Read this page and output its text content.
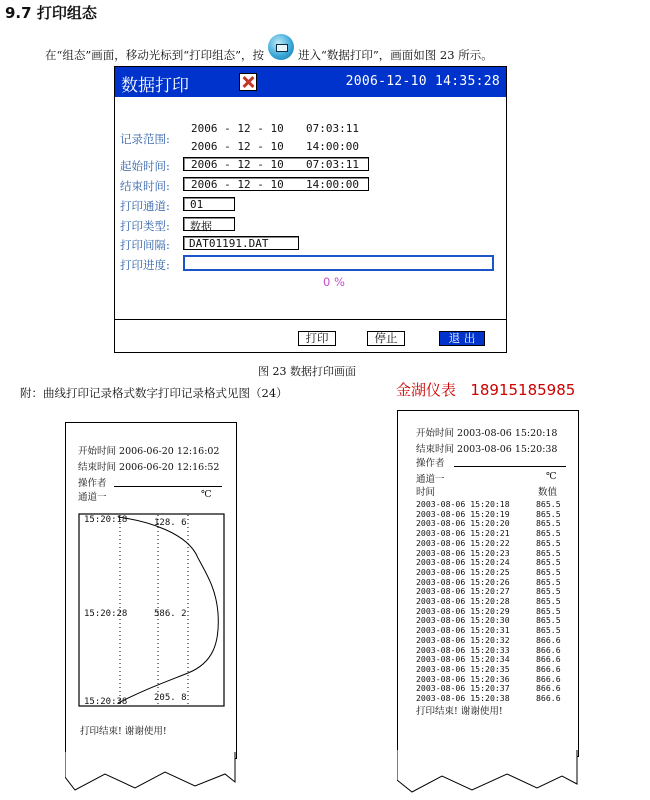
9.7 打印组态
在“组态”画面，移动光标到“打印组态”，按	进入“数据打印”，画面如图 23 所示。
数据打印	2006-12-10 14:35:28
记录范围:
2006 - 12 - 10 07:03:11
2006 - 12 - 10 14:00:00
起始时间: 2006 - 12 - 10 07:03:11
结束时间: 2006 - 12 - 10 14:00:00
打印通道: 01
打印类型: 数据
打印间隔: DAT01191.DAT
打印进度:
0 %
打印	停止	退 出
图 23 数据打印画面
附：曲线打印记录格式数字打印记录格式见图（24）	金湖仪表 18915185985
开始时间 2006-06-20 12:16:02
结束时间 2006-06-20 12:16:52
操作者
通道一	℃
15:20:18
15:20:28
15:20:38
128. 6
586. 2
205. 8
打印结束! 谢谢使用!
开始时间 2003-08-06 15:20:18
结束时间 2003-08-06 15:20:38
操作者
通道一	℃
时间	数值
2003-08-06 15:20:18	865.5
2003-08-06 15:20:19	865.5
2003-08-06 15:20:20	865.5
2003-08-06 15:20:21	865.5
2003-08-06 15:20:22	865.5
2003-08-06 15:20:23	865.5
2003-08-06 15:20:24	865.5
2003-08-06 15:20:25	865.5
2003-08-06 15:20:26	865.5
2003-08-06 15:20:27	865.5
2003-08-06 15:20:28	865.5
2003-08-06 15:20:29	865.5
2003-08-06 15:20:30	865.5
2003-08-06 15:20:31	865.5
2003-08-06 15:20:32	866.6
2003-08-06 15:20:33	866.6
2003-08-06 15:20:34	866.6
2003-08-06 15:20:35	866.6
2003-08-06 15:20:36	866.6
2003-08-06 15:20:37	866.6
2003-08-06 15:20:38	866.6
打印结束! 谢谢使用!
